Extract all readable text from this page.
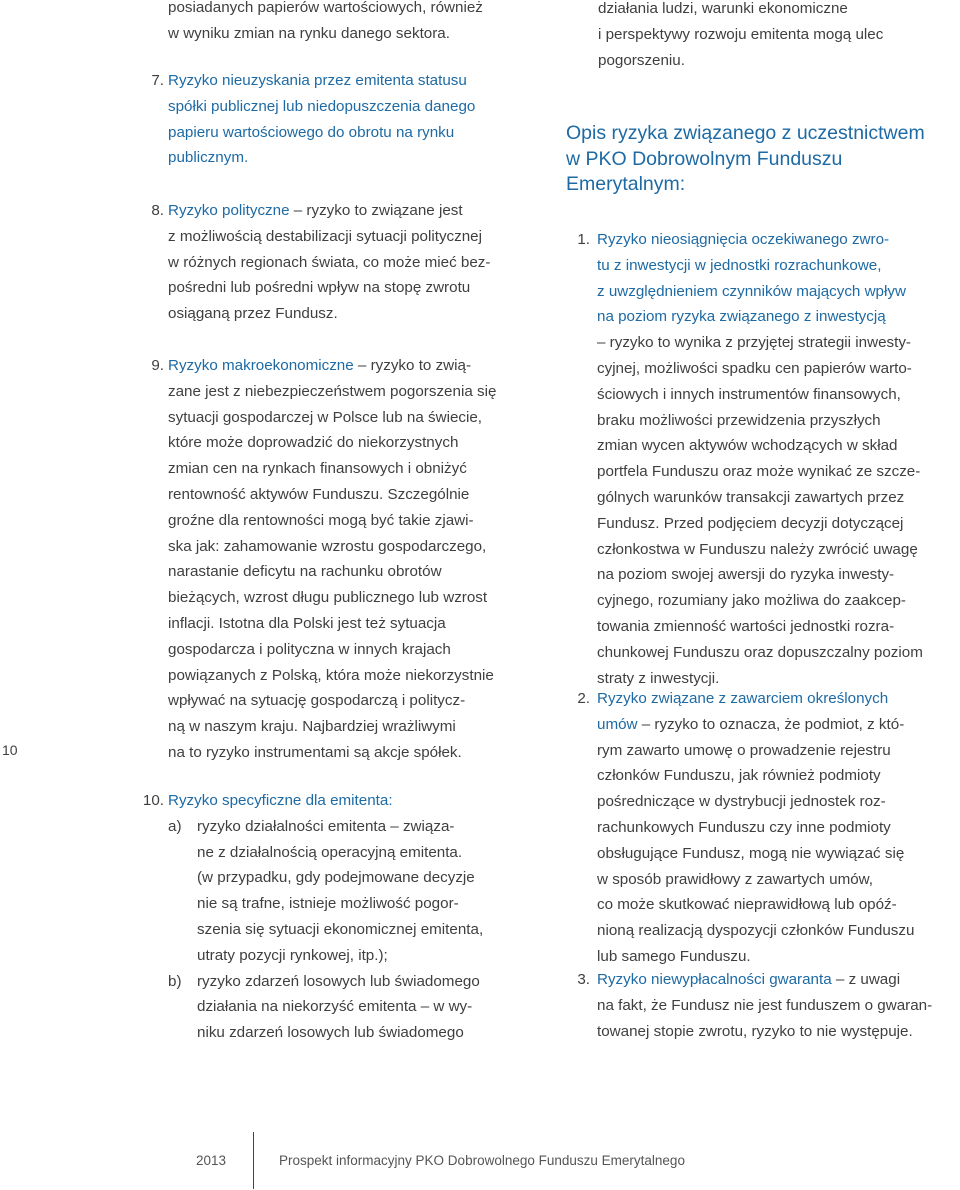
10
posiadanych papierów wartościowych, również
w wyniku zmian na rynku danego sektora.
7. Ryzyko nieuzyskania przez emitenta statusu
spółki publicznej lub niedopuszczenia danego
papieru wartościowego do obrotu na rynku
publicznym.
8. Ryzyko polityczne – ryzyko to związane jest
z możliwością destabilizacji sytuacji politycznej
w różnych regionach świata, co może mieć bez-
pośredni lub pośredni wpływ na stopę zwrotu
osiąganą przez Fundusz.
9. Ryzyko makroekonomiczne – ryzyko to zwią-
zane jest z niebezpieczeństwem pogorszenia się
sytuacji gospodarczej w Polsce lub na świecie,
które może doprowadzić do niekorzystnych
zmian cen na rynkach finansowych i obniżyć
rentowność aktywów Funduszu. Szczególnie
groźne dla rentowności mogą być takie zjawi-
ska jak: zahamowanie wzrostu gospodarczego,
narastanie deficytu na rachunku obrotów
bieżących, wzrost długu publicznego lub wzrost
inflacji. Istotna dla Polski jest też sytuacja
gospodarcza i polityczna w innych krajach
powiązanych z Polską, która może niekorzystnie
wpływać na sytuację gospodarczą i politycz-
ną w naszym kraju. Najbardziej wrażliwymi
na to ryzyko instrumentami są akcje spółek.
10. Ryzyko specyficzne dla emitenta:
a) ryzyko działalności emitenta – związa-
ne z działalnością operacyjną emitenta.
(w przypadku, gdy podejmowane decyzje
nie są trafne, istnieje możliwość pogor-
szenia się sytuacji ekonomicznej emitenta,
utraty pozycji rynkowej, itp.);
b) ryzyko zdarzeń losowych lub świadomego
działania na niekorzyść emitenta – w wy-
niku zdarzeń losowych lub świadomego
działania ludzi, warunki ekonomiczne
i perspektywy rozwoju emitenta mogą ulec
pogorszeniu.
Opis ryzyka związanego z uczestnictwem
w PKO Dobrowolnym Funduszu
Emerytalnym:
1. Ryzyko nieosiągnięcia oczekiwanego zwro-
tu z inwestycji w jednostki rozrachunkowe,
z uwzględnieniem czynników mających wpływ
na poziom ryzyka związanego z inwestycją
– ryzyko to wynika z przyjętej strategii inwesty-
cyjnej, możliwości spadku cen papierów warto-
ściowych i innych instrumentów finansowych,
braku możliwości przewidzenia przyszłych
zmian wycen aktywów wchodzących w skład
portfela Funduszu oraz może wynikać ze szcze-
gólnych warunków transakcji zawartych przez
Fundusz. Przed podjęciem decyzji dotyczącej
członkostwa w Funduszu należy zwrócić uwagę
na poziom swojej awersji do ryzyka inwesty-
cyjnego, rozumiany jako możliwa do zaakcep-
towania zmienność wartości jednostki rozra-
chunkowej Funduszu oraz dopuszczalny poziom
straty z inwestycji.
2. Ryzyko związane z zawarciem określonych
umów – ryzyko to oznacza, że podmiot, z któ-
rym zawarto umowę o prowadzenie rejestru
członków Funduszu, jak również podmioty
pośredniczące w dystrybucji jednostek roz-
rachunkowych Funduszu czy inne podmioty
obsługujące Fundusz, mogą nie wywiązać się
w sposób prawidłowy z zawartych umów,
co może skutkować nieprawidłową lub opóź-
nioną realizacją dyspozycji członków Funduszu
lub samego Funduszu.
3. Ryzyko niewypłacalności gwaranta – z uwagi
na fakt, że Fundusz nie jest funduszem o gwaran-
towanej stopie zwrotu, ryzyko to nie występuje.
2013	Prospekt informacyjny PKO Dobrowolnego Funduszu Emerytalnego
